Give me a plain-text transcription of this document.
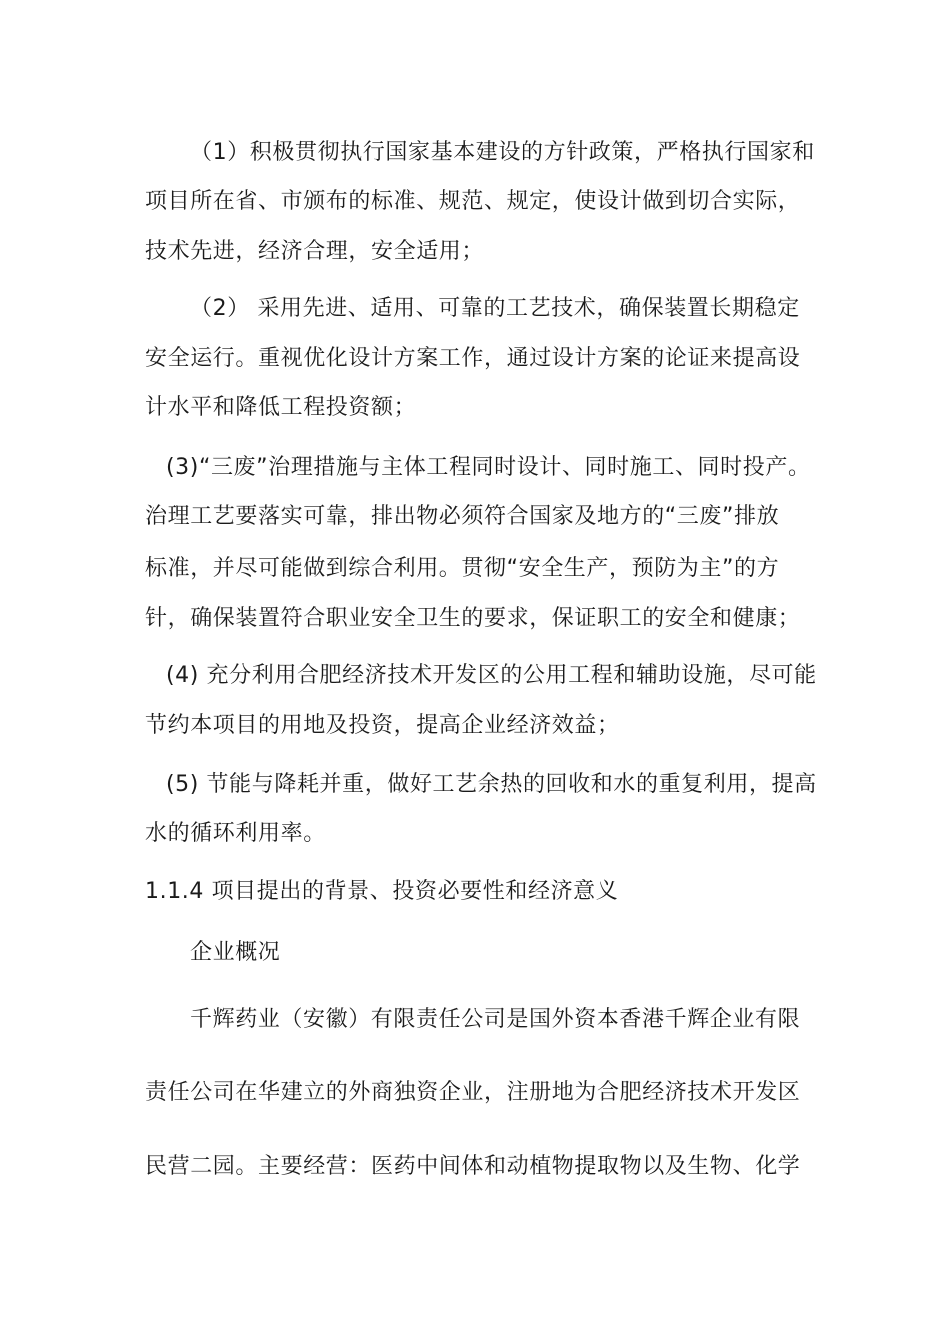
（1）积极贯彻执行国家基本建设的方针政策，严格执行国家和
项目所在省、市颁布的标准、规范、规定，使设计做到切合实际，
技术先进，经济合理，安全适用；
（2） 采用先进、适用、可靠的工艺技术，确保装置长期稳定
安全运行。重视优化设计方案工作，通过设计方案的论证来提高设
计水平和降低工程投资额；
(3)“三废”治理措施与主体工程同时设计、同时施工、同时投产。
治理工艺要落实可靠，排出物必须符合国家及地方的“三废”排放
标准，并尽可能做到综合利用。贯彻“安全生产，预防为主”的方
针，确保装置符合职业安全卫生的要求，保证职工的安全和健康；
(4) 充分利用合肥经济技术开发区的公用工程和辅助设施，尽可能
节约本项目的用地及投资，提高企业经济效益；
(5) 节能与降耗并重，做好工艺余热的回收和水的重复利用，提高
水的循环利用率。
1.1.4 项目提出的背景、投资必要性和经济意义
企业概况
千辉药业（安徽）有限责任公司是国外资本香港千辉企业有限
责任公司在华建立的外商独资企业，注册地为合肥经济技术开发区
民营二园。主要经营：医药中间体和动植物提取物以及生物、化学
